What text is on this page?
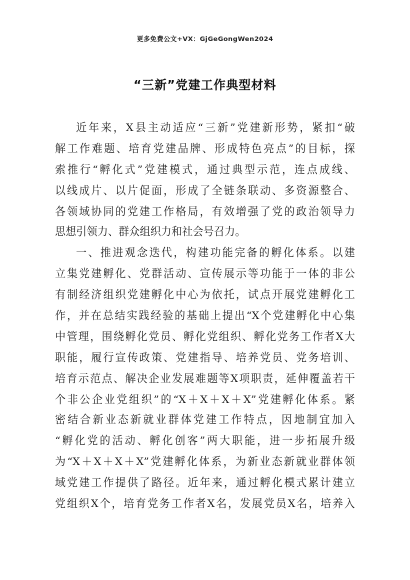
更多免费公文+VX：GjGeGongWen2024
“三新”党建工作典型材料
近年来，X县主动适应“三新”党建新形势，紧扣“破
解工作难题、培育党建品牌、形成特色亮点”的目标，探
索推行“孵化式”党建模式，通过典型示范，连点成线、
以线成片、以片促面，形成了全链条联动、多资源整合、
各领域协同的党建工作格局，有效增强了党的政治领导力
思想引领力、群众组织力和社会号召力。
一、推进观念迭代，构建功能完备的孵化体系。以建
立集党建孵化、党群活动、宣传展示等功能于一体的非公
有制经济组织党建孵化中心为依托，试点开展党建孵化工
作，并在总结实践经验的基础上提出“X个党建孵化中心集
中管理，围绕孵化党员、孵化党组织、孵化党务工作者X大
职能，履行宣传政策、党建指导、培养党员、党务培训、
培育示范点、解决企业发展难题等X项职责，延伸覆盖若干
个非公企业党组织”的“X＋X＋X＋X”党建孵化体系。紧
密结合新业态新就业群体党建工作特点，因地制宜加入
“孵化党的活动、孵化创客”两大职能，进一步拓展升级
为“X＋X＋X＋X”党建孵化体系，为新业态新就业群体领
域党建工作提供了路径。近年来，通过孵化模式累计建立
党组织X个，培育党务工作者X名，发展党员X名，培养入
